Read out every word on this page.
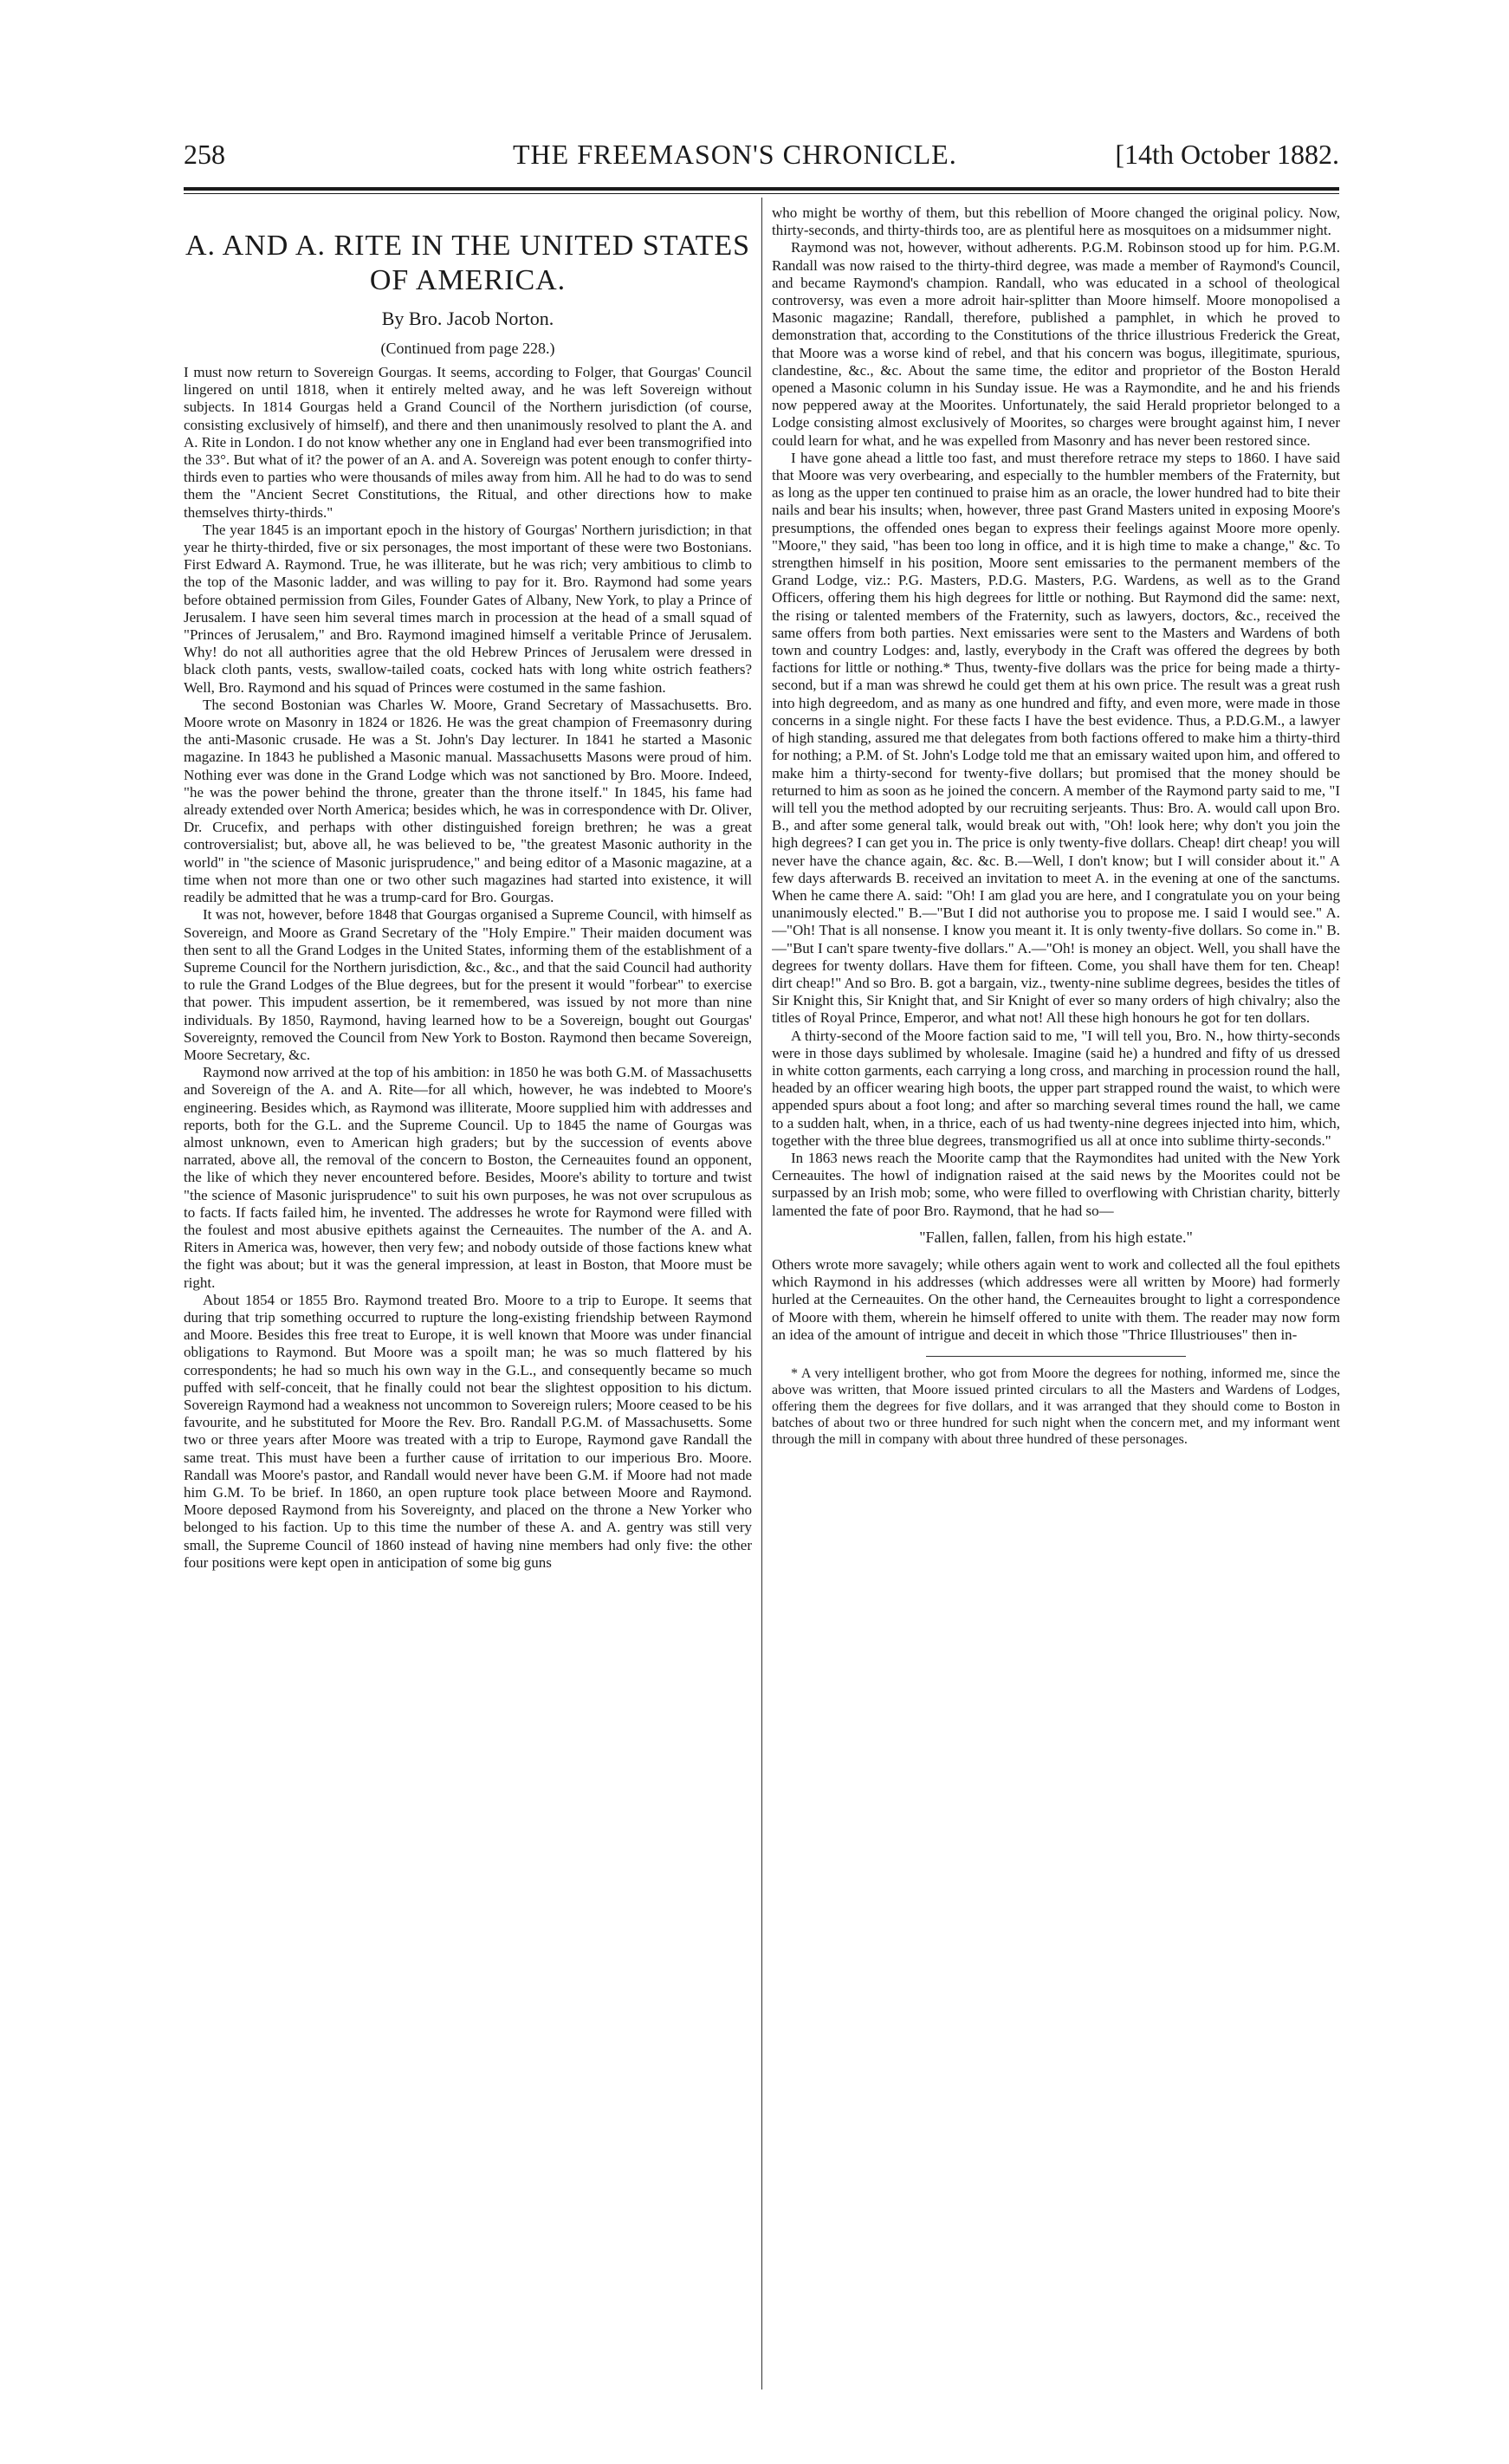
258	THE FREEMASON'S CHRONICLE.	[14th October 1882.
A. AND A. RITE IN THE UNITED STATES OF AMERICA.
By Bro. Jacob Norton.
(Continued from page 228.)

I must now return to Sovereign Gourgas. It seems, according to Folger, that Gourgas' Council lingered on until 1818, when it entirely melted away, and he was left Sovereign without subjects. In 1814 Gourgas held a Grand Council of the Northern jurisdiction (of course, consisting exclusively of himself), and there and then unanimously resolved to plant the A. and A. Rite in London. I do not know whether any one in England had ever been transmogrified into the 33°. But what of it? the power of an A. and A. Sovereign was potent enough to confer thirty-thirds even to parties who were thousands of miles away from him. All he had to do was to send them the "Ancient Secret Constitutions, the Ritual, and other directions how to make themselves thirty-thirds."

The year 1845 is an important epoch in the history of Gourgas' Northern jurisdiction; in that year he thirty-thirded, five or six personages, the most important of these were two Bostonians. First Edward A. Raymond. True, he was illiterate, but he was rich; very ambitious to climb to the top of the Masonic ladder, and was willing to pay for it. Bro. Raymond had some years before obtained permission from Giles, Founder Gates of Albany, New York, to play a Prince of Jerusalem. I have seen him several times march in procession at the head of a small squad of "Princes of Jerusalem," and Bro. Raymond imagined himself a veritable Prince of Jerusalem. Why! do not all authorities agree that the old Hebrew Princes of Jerusalem were dressed in black cloth pants, vests, swallow-tailed coats, cocked hats with long white ostrich feathers? Well, Bro. Raymond and his squad of Princes were costumed in the same fashion.

The second Bostonian was Charles W. Moore, Grand Secretary of Massachusetts. Bro. Moore wrote on Masonry in 1824 or 1826. He was the great champion of Freemasonry during the anti-Masonic crusade. He was a St. John's Day lecturer. In 1841 he started a Masonic magazine. In 1843 he published a Masonic manual. Massachusetts Masons were proud of him. Nothing ever was done in the Grand Lodge which was not sanctioned by Bro. Moore. Indeed, "he was the power behind the throne, greater than the throne itself." In 1845, his fame had already extended over North America; besides which, he was in correspondence with Dr. Oliver, Dr. Crucefix, and perhaps with other distinguished foreign brethren; he was a great controversialist; but, above all, he was believed to be, "the greatest Masonic authority in the world" in "the science of Masonic jurisprudence," and being editor of a Masonic magazine, at a time when not more than one or two other such magazines had started into existence, it will readily be admitted that he was a trump-card for Bro. Gourgas.

It was not, however, before 1848 that Gourgas organised a Supreme Council, with himself as Sovereign, and Moore as Grand Secretary of the "Holy Empire." Their maiden document was then sent to all the Grand Lodges in the United States, informing them of the establishment of a Supreme Council for the Northern jurisdiction, &c., &c., and that the said Council had authority to rule the Grand Lodges of the Blue degrees, but for the present it would "forbear" to exercise that power. This impudent assertion, be it remembered, was issued by not more than nine individuals. By 1850, Raymond, having learned how to be a Sovereign, bought out Gourgas' Sovereignty, removed the Council from New York to Boston. Raymond then became Sovereign, Moore Secretary, &c.

Raymond now arrived at the top of his ambition: in 1850 he was both G.M. of Massachusetts and Sovereign of the A. and A. Rite—for all which, however, he was indebted to Moore's engineering. Besides which, as Raymond was illiterate, Moore supplied him with addresses and reports, both for the G.L. and the Supreme Council. Up to 1845 the name of Gourgas was almost unknown, even to American high graders; but by the succession of events above narrated, above all, the removal of the concern to Boston, the Cerneauites found an opponent, the like of which they never encountered before. Besides, Moore's ability to torture and twist "the science of Masonic jurisprudence" to suit his own purposes, he was not over scrupulous as to facts. If facts failed him, he invented. The addresses he wrote for Raymond were filled with the foulest and most abusive epithets against the Cerneauites. The number of the A. and A. Riters in America was, however, then very few; and nobody outside of those factions knew what the fight was about; but it was the general impression, at least in Boston, that Moore must be right.

About 1854 or 1855 Bro. Raymond treated Bro. Moore to a trip to Europe. It seems that during that trip something occurred to rupture the long-existing friendship between Raymond and Moore. Besides this free treat to Europe, it is well known that Moore was under financial obligations to Raymond. But Moore was a spoilt man; he was so much flattered by his correspondents; he had so much his own way in the G.L., and consequently became so much puffed with self-conceit, that he finally could not bear the slightest opposition to his dictum. Sovereign Raymond had a weakness not uncommon to Sovereign rulers; Moore ceased to be his favourite, and he substituted for Moore the Rev. Bro. Randall P.G.M. of Massachusetts. Some two or three years after Moore was treated with a trip to Europe, Raymond gave Randall the same treat. This must have been a further cause of irritation to our imperious Bro. Moore. Randall was Moore's pastor, and Randall would never have been G.M. if Moore had not made him G.M. To be brief. In 1860, an open rupture took place between Moore and Raymond. Moore deposed Raymond from his Sovereignty, and placed on the throne a New Yorker who belonged to his faction. Up to this time the number of these A. and A. gentry was still very small, the Supreme Council of 1860 instead of having nine members had only five: the other four positions were kept open in anticipation of some big guns

who might be worthy of them, but this rebellion of Moore changed the original policy. Now, thirty-seconds, and thirty-thirds too, are as plentiful here as mosquitoes on a midsummer night.

Raymond was not, however, without adherents. P.G.M. Robinson stood up for him. P.G.M. Randall was now raised to the thirty-third degree, was made a member of Raymond's Council, and became Raymond's champion. Randall, who was educated in a school of theological controversy, was even a more adroit hair-splitter than Moore himself. Moore monopolised a Masonic magazine; Randall, therefore, published a pamphlet, in which he proved to demonstration that, according to the Constitutions of the thrice illustrious Frederick the Great, that Moore was a worse kind of rebel, and that his concern was bogus, illegitimate, spurious, clandestine, &c., &c. About the same time, the editor and proprietor of the Boston Herald opened a Masonic column in his Sunday issue. He was a Raymondite, and he and his friends now peppered away at the Moorites. Unfortunately, the said Herald proprietor belonged to a Lodge consisting almost exclusively of Moorites, so charges were brought against him, I never could learn for what, and he was expelled from Masonry and has never been restored since.

I have gone ahead a little too fast, and must therefore retrace my steps to 1860. I have said that Moore was very overbearing, and especially to the humbler members of the Fraternity, but as long as the upper ten continued to praise him as an oracle, the lower hundred had to bite their nails and bear his insults; when, however, three past Grand Masters united in exposing Moore's presumptions, the offended ones began to express their feelings against Moore more openly. "Moore," they said, "has been too long in office, and it is high time to make a change," &c. To strengthen himself in his position, Moore sent emissaries to the permanent members of the Grand Lodge, viz.: P.G. Masters, P.D.G. Masters, P.G. Wardens, as well as to the Grand Officers, offering them his high degrees for little or nothing. But Raymond did the same: next, the rising or talented members of the Fraternity, such as lawyers, doctors, &c., received the same offers from both parties. Next emissaries were sent to the Masters and Wardens of both town and country Lodges: and, lastly, everybody in the Craft was offered the degrees by both factions for little or nothing.* Thus, twenty-five dollars was the price for being made a thirty-second, but if a man was shrewd he could get them at his own price. The result was a great rush into high degreedom, and as many as one hundred and fifty, and even more, were made in those concerns in a single night. For these facts I have the best evidence. Thus, a P.D.G.M., a lawyer of high standing, assured me that delegates from both factions offered to make him a thirty-third for nothing; a P.M. of St. John's Lodge told me that an emissary waited upon him, and offered to make him a thirty-second for twenty-five dollars; but promised that the money should be returned to him as soon as he joined the concern. A member of the Raymond party said to me, "I will tell you the method adopted by our recruiting serjeants. Thus: Bro. A. would call upon Bro. B., and after some general talk, would break out with, "Oh! look here; why don't you join the high degrees? I can get you in. The price is only twenty-five dollars. Cheap! dirt cheap! you will never have the chance again, &c. &c. B.—Well, I don't know; but I will consider about it." A few days afterwards B. received an invitation to meet A. in the evening at one of the sanctums. When he came there A. said: "Oh! I am glad you are here, and I congratulate you on your being unanimously elected." B.—"But I did not authorise you to propose me. I said I would see." A.—"Oh! That is all nonsense. I know you meant it. It is only twenty-five dollars. So come in." B.—"But I can't spare twenty-five dollars." A.—"Oh! is money an object. Well, you shall have the degrees for twenty dollars. Have them for fifteen. Come, you shall have them for ten. Cheap! dirt cheap!" And so Bro. B. got a bargain, viz., twenty-nine sublime degrees, besides the titles of Sir Knight this, Sir Knight that, and Sir Knight of ever so many orders of high chivalry; also the titles of Royal Prince, Emperor, and what not! All these high honours he got for ten dollars.

A thirty-second of the Moore faction said to me, "I will tell you, Bro. N., how thirty-seconds were in those days sublimed by wholesale. Imagine (said he) a hundred and fifty of us dressed in white cotton garments, each carrying a long cross, and marching in procession round the hall, headed by an officer wearing high boots, the upper part strapped round the waist, to which were appended spurs about a foot long; and after so marching several times round the hall, we came to a sudden halt, when, in a thrice, each of us had twenty-nine degrees injected into him, which, together with the three blue degrees, transmogrified us all at once into sublime thirty-seconds."

In 1863 news reach the Moorite camp that the Raymondites had united with the New York Cerneauites. The howl of indignation raised at the said news by the Moorites could not be surpassed by an Irish mob; some, who were filled to overflowing with Christian charity, bitterly lamented the fate of poor Bro. Raymond, that he had so—

"Fallen, fallen, fallen, from his high estate."

Others wrote more savagely; while others again went to work and collected all the foul epithets which Raymond in his addresses (which addresses were all written by Moore) had formerly hurled at the Cerneauites. On the other hand, the Cerneauites brought to light a correspondence of Moore with them, wherein he himself offered to unite with them. The reader may now form an idea of the amount of intrigue and deceit in which those "Thrice Illustriouses" then in-

* A very intelligent brother, who got from Moore the degrees for nothing, informed me, since the above was written, that Moore issued printed circulars to all the Masters and Wardens of Lodges, offering them the degrees for five dollars, and it was arranged that they should come to Boston in batches of about two or three hundred for such night when the concern met, and my informant went through the mill in company with about three hundred of these personages.
